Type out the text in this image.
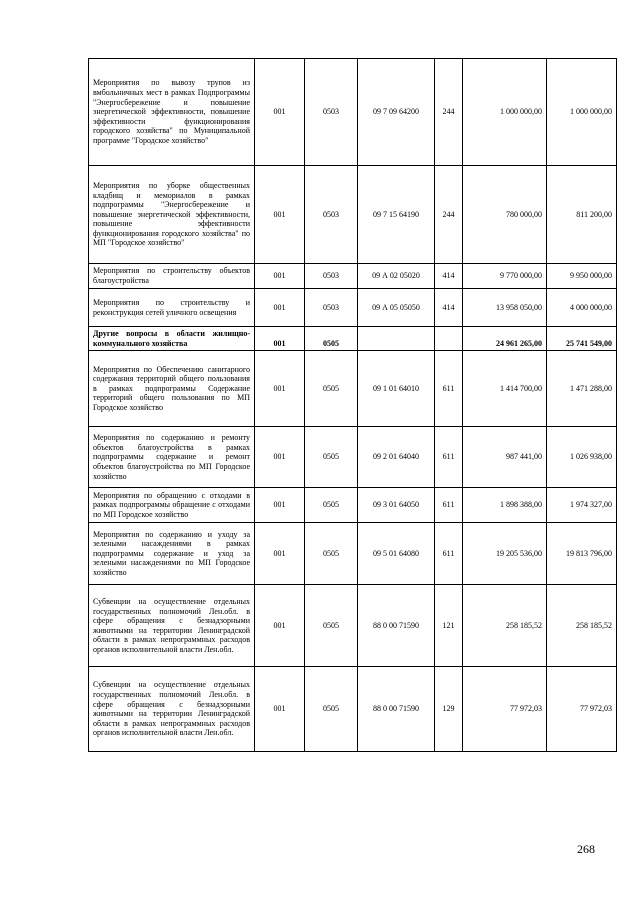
Мероприятия по вывозу трупов из вмбольничных мест в рамках Подпрограммы "Энергосбережение и повышение энергетической эффективности, повышение эффективности функционирования городского хозяйства" по Муниципальной программе "Городское хозяйство"	001	0503	09 7 09 64200	244	1 000 000,00	1 000 000,00
Мероприятия по уборке общественных кладбищ и мемориалов в рамках подпрограммы "Энергосбережение и повышение энергетической эффективности, повышение эффективности функционирования городского хозяйства" по МП "Городское хозяйство"	001	0503	09 7 15 64190	244	780 000,00	811 200,00
Мероприятия по строительству объектов благоустройства	001	0503	09 А 02 05020	414	9 770 000,00	9 950 000,00
Мероприятия по строительству и реконструкция сетей уличного освещения	001	0503	09 А 05 05050	414	13 958 050,00	4 000 000,00
Другие вопросы в области жилищно-коммунального хозяйства	001	0505			24 961 265,00	25 741 549,00
Мероприятия по Обеспечению санитарного содержания территорий общего пользования в рамках подпрограммы Содержание территорий общего пользования по МП Городское хозяйство	001	0505	09 1 01 64010	611	1 414 700,00	1 471 288,00
Мероприятия по содержанию и ремонту объектов благоустройства в рамках подпрограммы содержание и ремонт объектов благоустройства по МП Городское хозяйство	001	0505	09 2 01 64040	611	987 441,00	1 026 938,00
Мероприятия по обращению с отходами в рамках подпрограммы обращение с отходами по МП Городское хозяйство	001	0505	09 3 01 64050	611	1 898 388,00	1 974 327,00
Мероприятия по содержанию и уходу за зелеными насаждениями в рамках подпрограммы содержание и уход за зелеными насаждениями по МП Городское хозяйство	001	0505	09 5 01 64080	611	19 205 536,00	19 813 796,00
Субвенции на осуществление отдельных государственных полномочий Лен.обл. в сфере обращения с безнадзорными животными на территории Ленинградской области в рамках непрограммных расходов органов исполнительной власти Лен.обл.	001	0505	88 0 00 71590	121	258 185,52	258 185,52
Субвенции на осуществление отдельных государственных полномочий Лен.обл. в сфере обращения с безнадзорными животными на территории Ленинградской области в рамках непрограммных расходов органов исполнительной власти Лен.обл.	001	0505	88 0 00 71590	129	77 972,03	77 972,03
268
